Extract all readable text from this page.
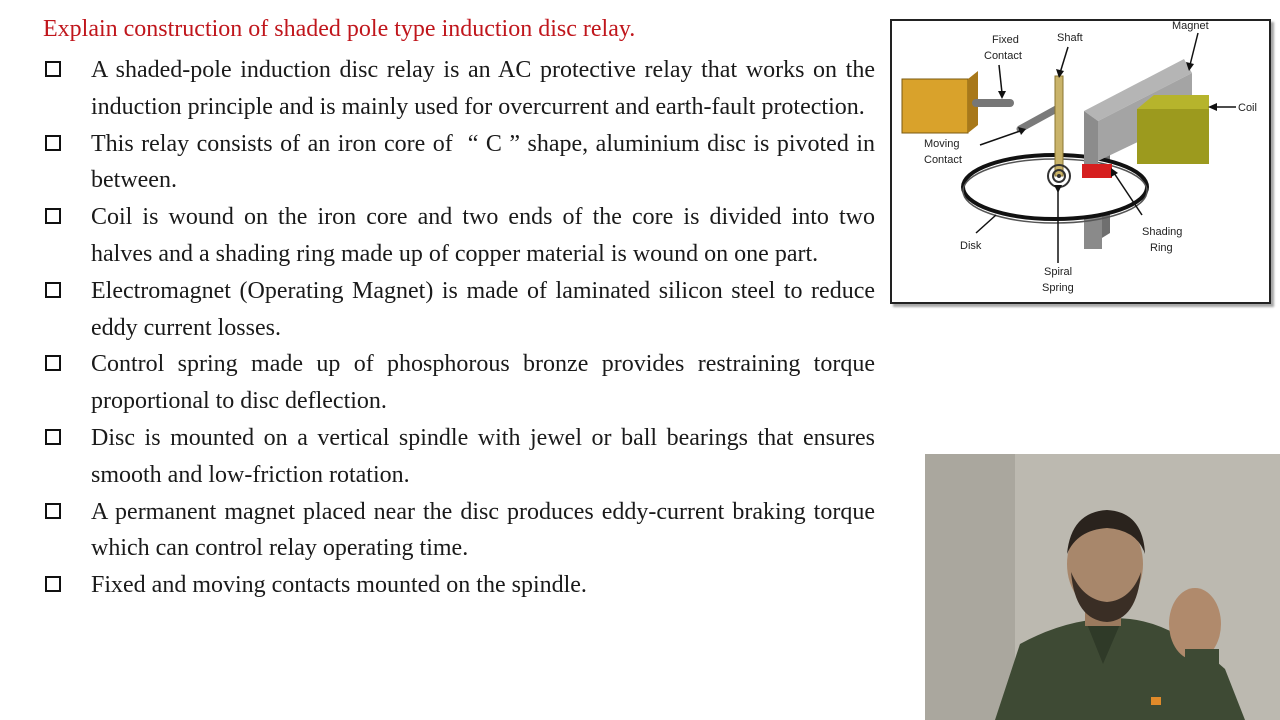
Explain construction of shaded pole type induction disc relay.
A shaded-pole induction disc relay is an AC protective relay that works on the induction principle and is mainly used for overcurrent and earth-fault protection.
This relay consists of an iron core of  “ C ” shape, aluminium disc is pivoted in between.
Coil is wound on the iron core and two ends of the core is divided into two halves and a shading ring made up of copper material is wound on one part.
Electromagnet (Operating Magnet) is made of laminated silicon steel to reduce eddy current losses.
Control spring made up of phosphorous bronze provides restraining torque proportional to disc deflection.
Disc is mounted on a vertical spindle with jewel or ball bearings that ensures smooth and low-friction rotation.
A permanent magnet placed near the disc produces eddy-current braking torque which can control relay operating time.
Fixed and moving contacts mounted on the spindle.
Fixed
Contact
Shaft
Magnet
Coil
Moving
Contact
Shading
Ring
Disk
Spiral
Spring
